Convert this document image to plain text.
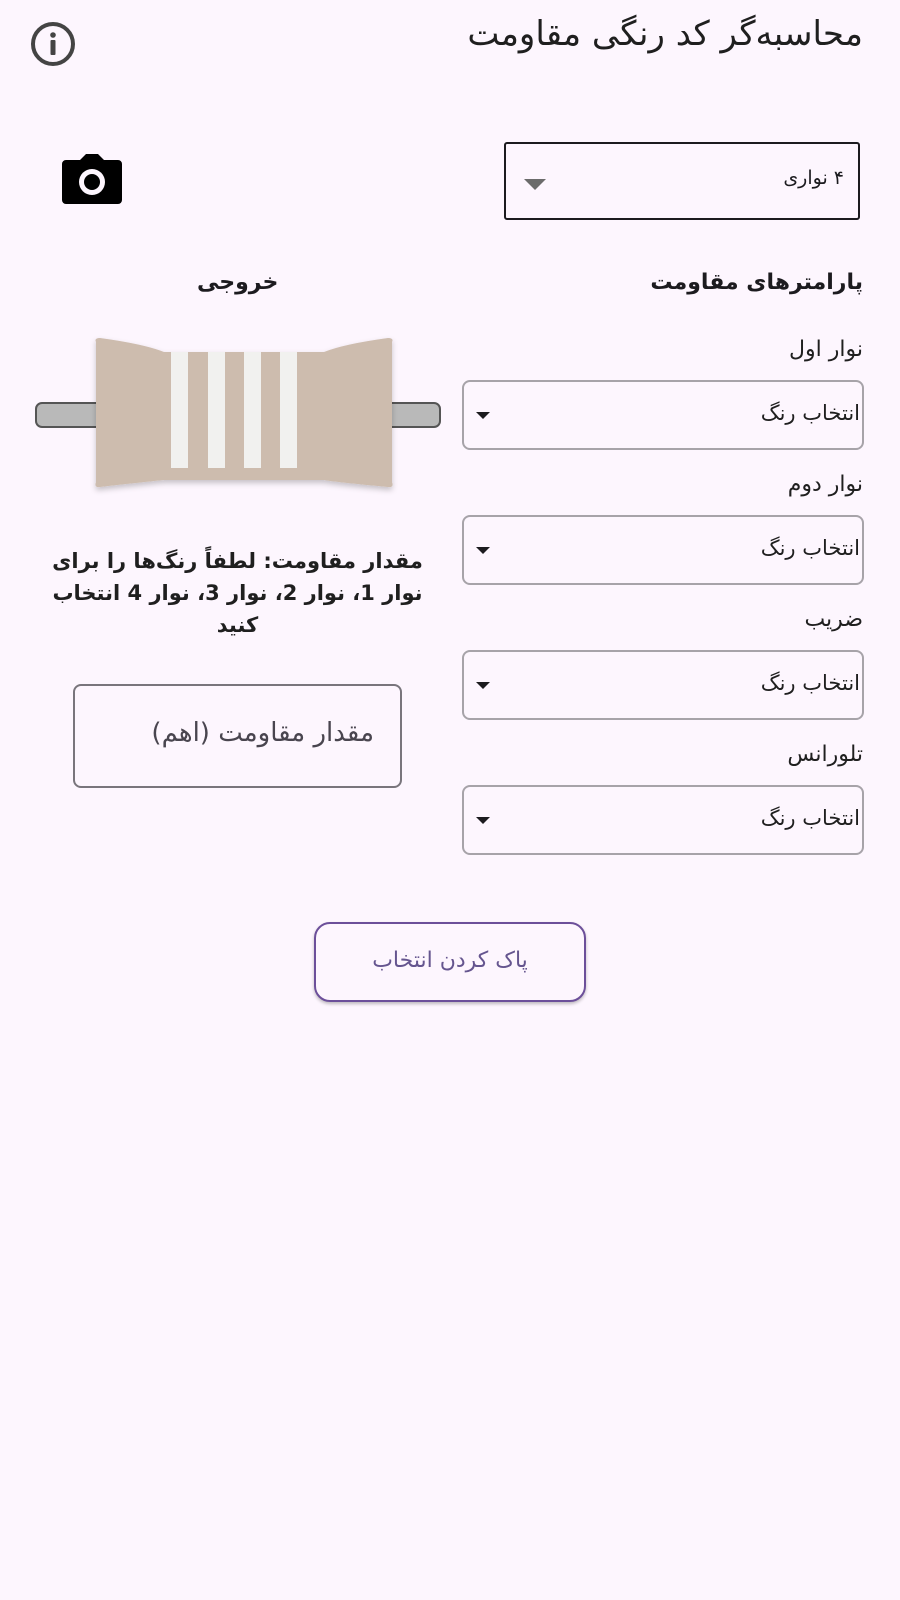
محاسبه‌گر کد رنگی مقاومت
۴ نواری
پارامترهای مقاومت
خروجی
نوار اول
انتخاب رنگ
نوار دوم
انتخاب رنگ
ضریب
انتخاب رنگ
تلورانس
انتخاب رنگ
مقدار مقاومت: لطفاً رنگ‌ها را برای نوار 1، نوار 2، نوار 3، نوار 4 انتخاب کنید
مقدار مقاومت (اهم)
پاک کردن انتخاب
